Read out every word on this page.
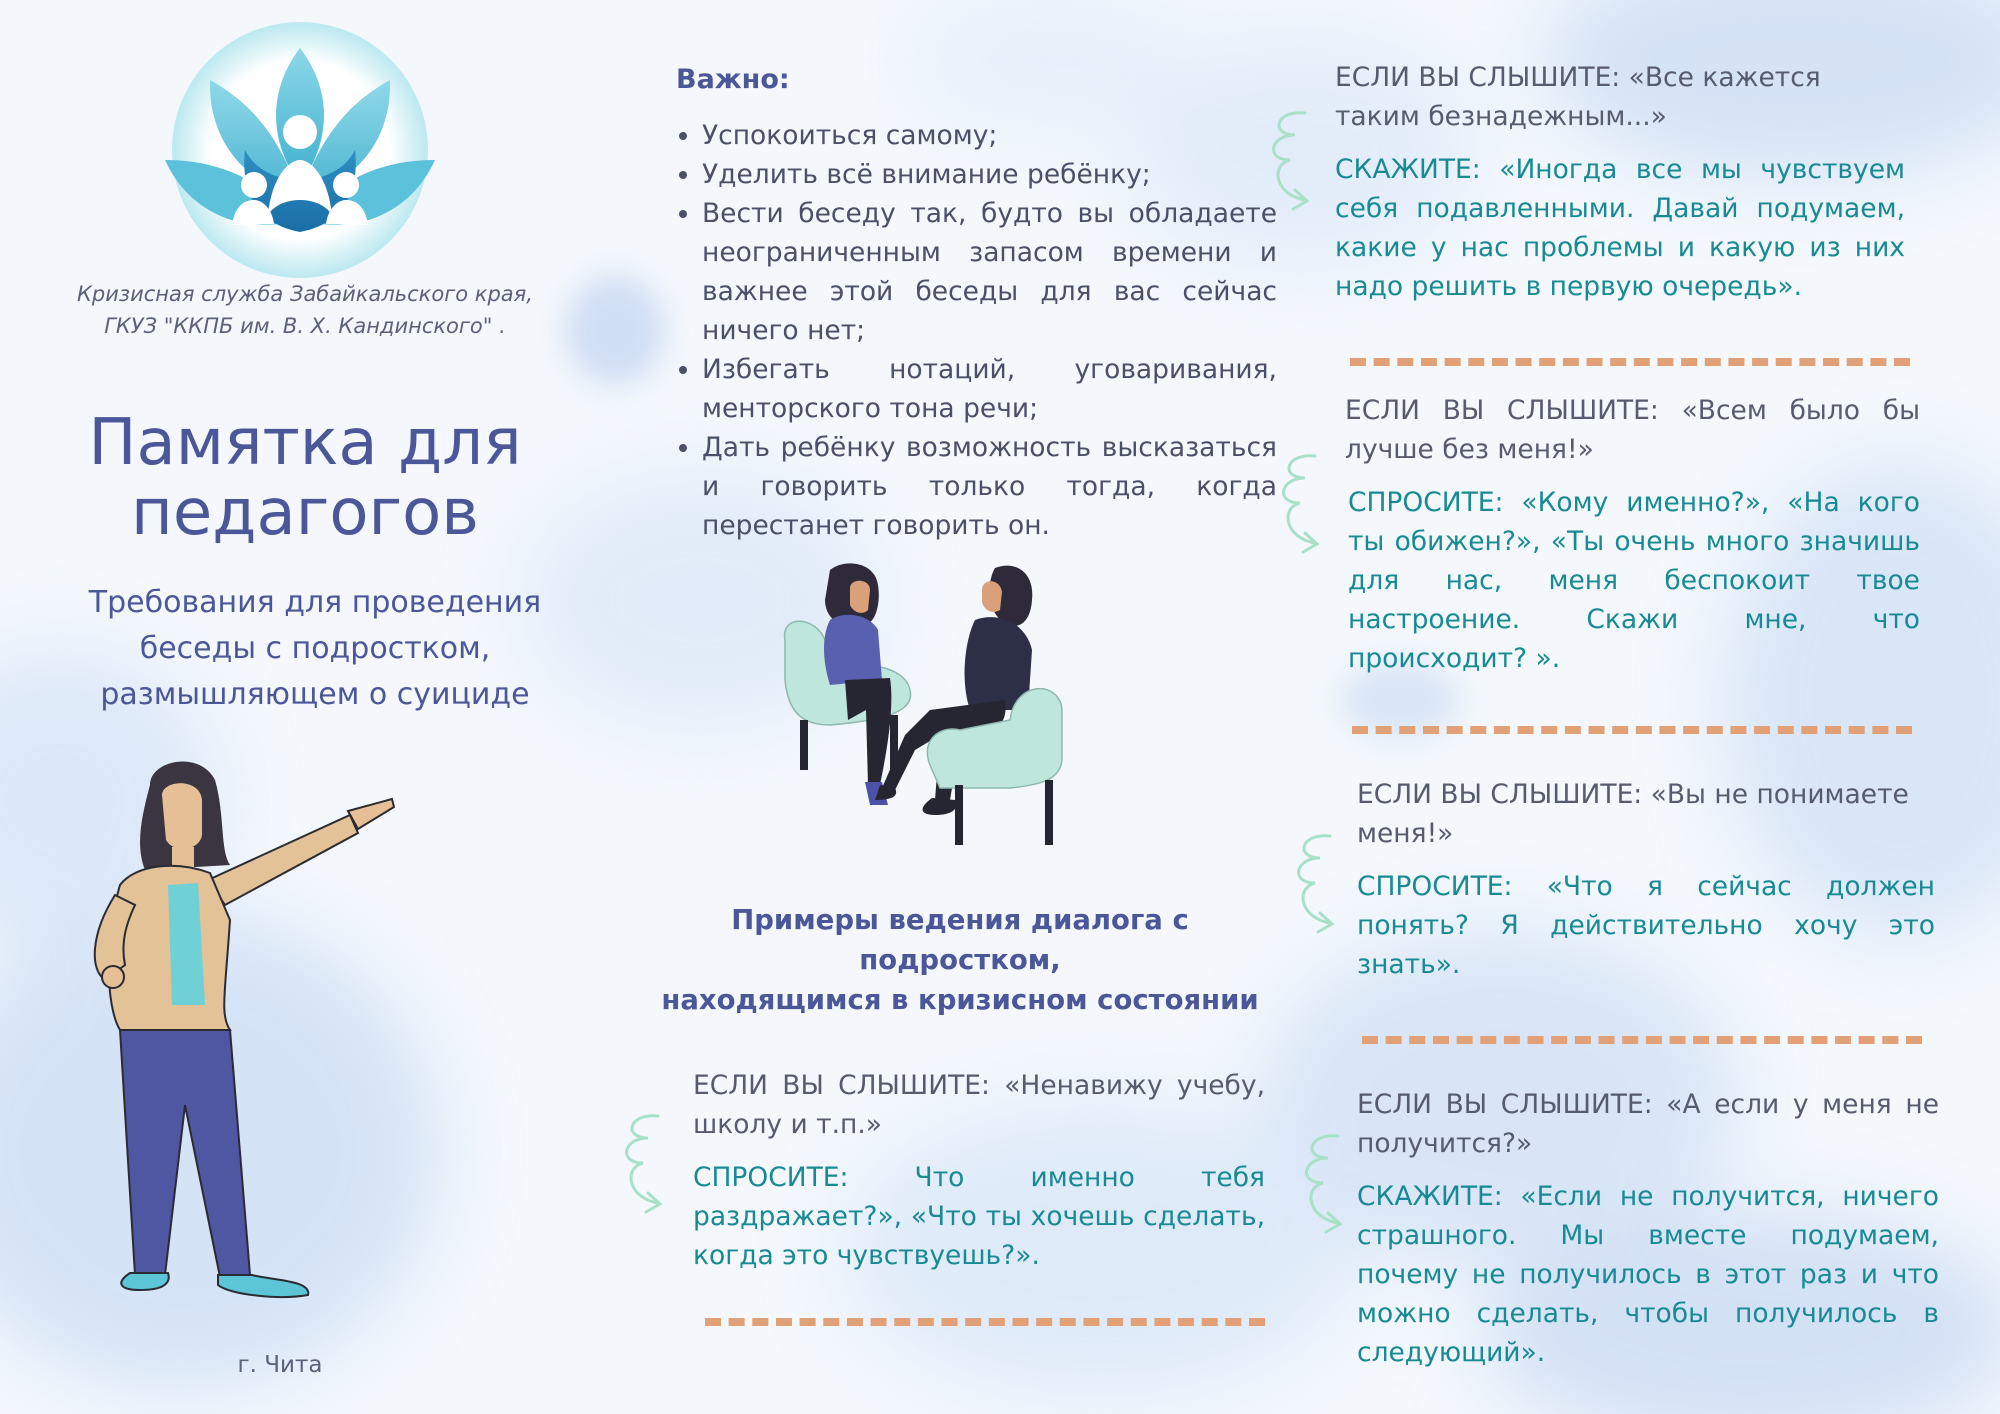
Кризисная служба Забайкальского края,
ГКУЗ "ККПБ им. В. Х. Кандинского" .
Памятка для
педагогов
Требования для проведения
беседы с подростком,
размышляющем о суициде
г. Чита
Важно:
• Успокоиться самому;
• Уделить всё внимание ребёнку;
• Вести беседу так, будто вы обладаете неограниченным запасом времени и важнее этой беседы для вас сейчас ничего нет;
• Избегать нотаций, уговаривания, менторского тона речи;
• Дать ребёнку возможность высказаться и говорить только тогда, когда перестанет говорить он.
Примеры ведения диалога с
подростком,
находящимся в кризисном состоянии
ЕСЛИ ВЫ СЛЫШИТЕ: «Ненавижу учебу, школу и т.п.»
СПРОСИТЕ: Что именно тебя раздражает?», «Что ты хочешь сделать, когда это чувствуешь?».
ЕСЛИ ВЫ СЛЫШИТЕ: «Все кажется таким безнадежным...»
СКАЖИТЕ: «Иногда все мы чувствуем себя подавленными. Давай подумаем, какие у нас проблемы и какую из них надо решить в первую очередь».
ЕСЛИ ВЫ СЛЫШИТЕ: «Всем было бы лучше без меня!»
СПРОСИТЕ: «Кому именно?», «На кого ты обижен?», «Ты очень много значишь для нас, меня беспокоит твое настроение. Скажи мне, что происходит? ».
ЕСЛИ ВЫ СЛЫШИТЕ: «Вы не понимаете меня!»
СПРОСИТЕ: «Что я сейчас должен понять? Я действительно хочу это знать».
ЕСЛИ ВЫ СЛЫШИТЕ: «А если у меня не получится?»
СКАЖИТЕ: «Если не получится, ничего страшного. Мы вместе подумаем, почему не получилось в этот раз и что можно сделать, чтобы получилось в следующий».
